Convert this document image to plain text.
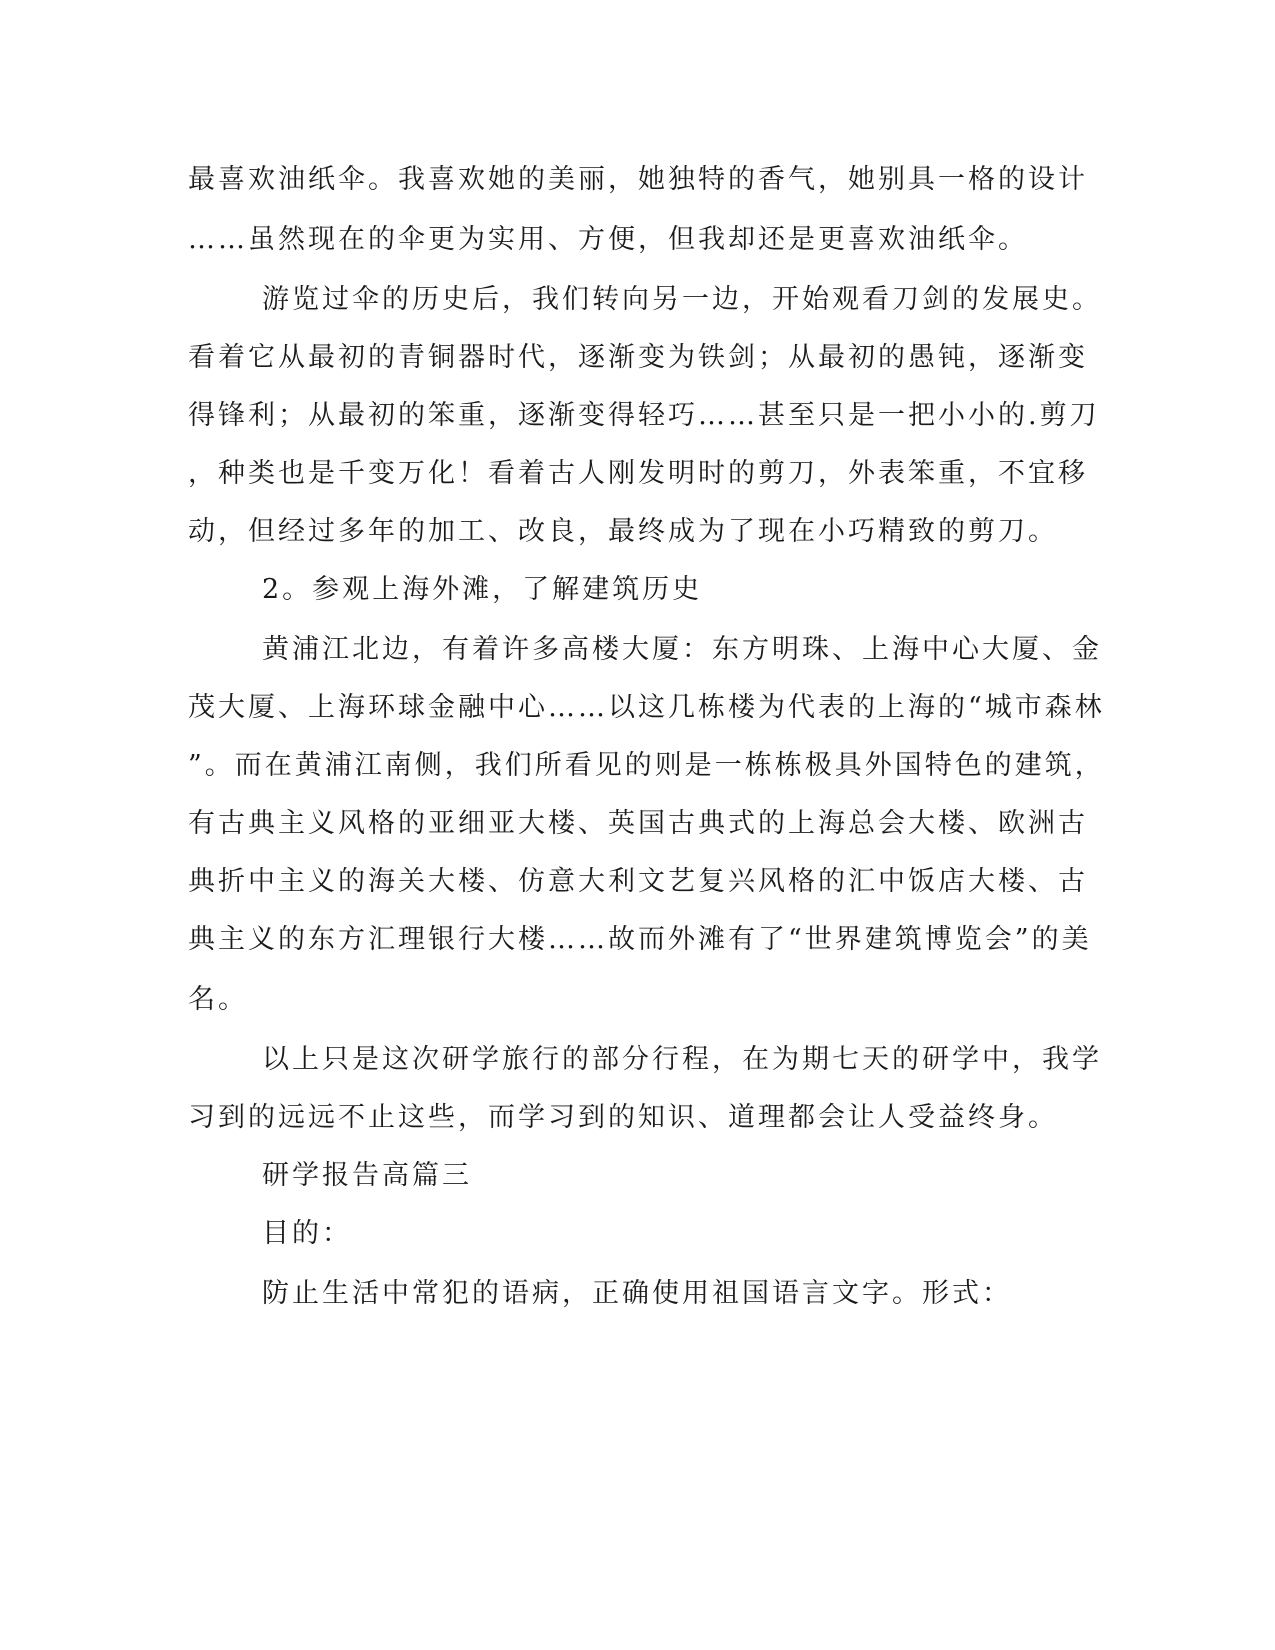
最喜欢油纸伞。我喜欢她的美丽，她独特的香气，她别具一格的设计

……虽然现在的伞更为实用、方便，但我却还是更喜欢油纸伞。

游览过伞的历史后，我们转向另一边，开始观看刀剑的发展史。

看着它从最初的青铜器时代，逐渐变为铁剑；从最初的愚钝，逐渐变

得锋利；从最初的笨重，逐渐变得轻巧……甚至只是一把小小的.剪刀

，种类也是千变万化！看着古人刚发明时的剪刀，外表笨重，不宜移

动，但经过多年的加工、改良，最终成为了现在小巧精致的剪刀。

2。参观上海外滩，了解建筑历史

黄浦江北边，有着许多高楼大厦：东方明珠、上海中心大厦、金

茂大厦、上海环球金融中心……以这几栋楼为代表的上海的“城市森林

”。而在黄浦江南侧，我们所看见的则是一栋栋极具外国特色的建筑，

有古典主义风格的亚细亚大楼、英国古典式的上海总会大楼、欧洲古

典折中主义的海关大楼、仿意大利文艺复兴风格的汇中饭店大楼、古

典主义的东方汇理银行大楼……故而外滩有了“世界建筑博览会”的美

名。

以上只是这次研学旅行的部分行程，在为期七天的研学中，我学

习到的远远不止这些，而学习到的知识、道理都会让人受益终身。

研学报告高篇三

目的：

防止生活中常犯的语病，正确使用祖国语言文字。形式：
